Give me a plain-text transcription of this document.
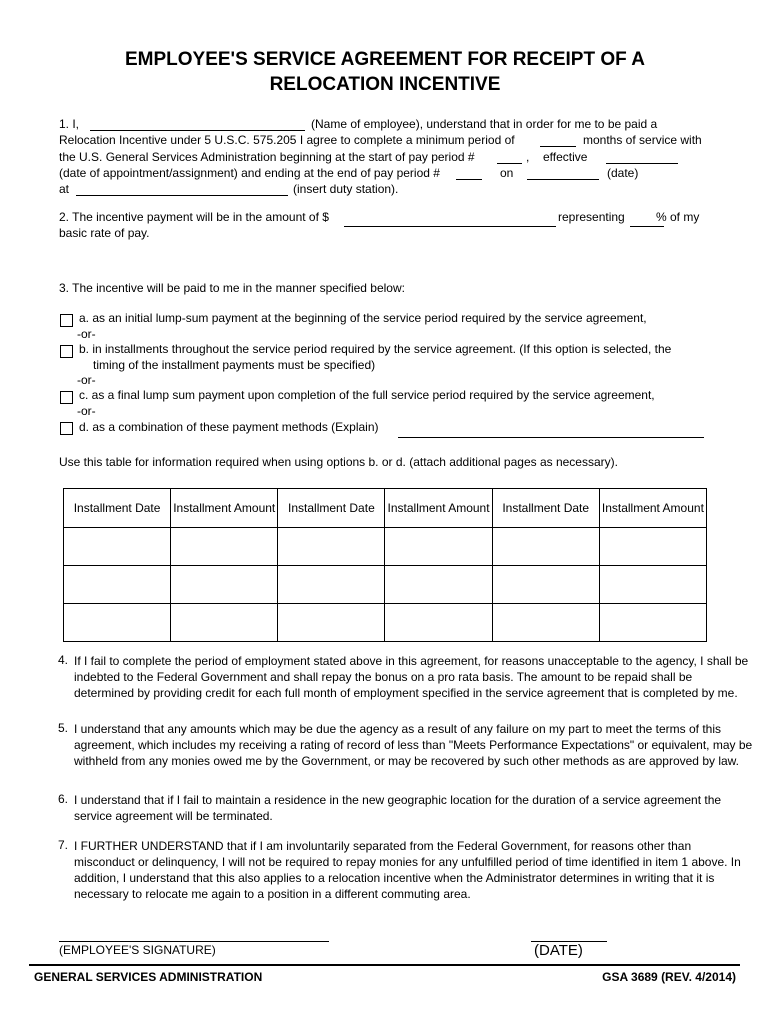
EMPLOYEE'S SERVICE AGREEMENT FOR RECEIPT OF A
RELOCATION INCENTIVE
1. I,	(Name of employee), understand that in order for me to be paid a
Relocation Incentive under 5 U.S.C. 575.205 I agree to complete a minimum period of	months of service with
the U.S. General Services Administration beginning at the start of pay period #	, effective
(date of appointment/assignment) and ending at the end of pay period #	on	(date)
at	(insert duty station).
2. The incentive payment will be in the amount of $	representing	% of my
basic rate of pay.
3. The incentive will be paid to me in the manner specified below:
a. as an initial lump-sum payment at the beginning of the service period required by the service agreement,
-or-
b. in installments throughout the service period required by the service agreement. (If this option is selected, the
timing of the installment payments must be specified)
-or-
c. as a final lump sum payment upon completion of the full service period required by the service agreement,
-or-
d. as a combination of these payment methods (Explain)
Use this table for information required when using options b. or d. (attach additional pages as necessary).
Installment Date	Installment Amount	Installment Date	Installment Amount	Installment Date	Installment Amount

4. If I fail to complete the period of employment stated above in this agreement, for reasons unacceptable to the agency, I shall be indebted to the Federal Government and shall repay the bonus on a pro rata basis. The amount to be repaid shall be determined by providing credit for each full month of employment specified in the service agreement that is completed by me.
5. I understand that any amounts which may be due the agency as a result of any failure on my part to meet the terms of this agreement, which includes my receiving a rating of record of less than "Meets Performance Expectations" or equivalent, may be withheld from any monies owed me by the Government, or may be recovered by such other methods as are approved by law.
6. I understand that if I fail to maintain a residence in the new geographic location for the duration of a service agreement the service agreement will be terminated.
7. I FURTHER UNDERSTAND that if I am involuntarily separated from the Federal Government, for reasons other than misconduct or delinquency, I will not be required to repay monies for any unfulfilled period of time identified in item 1 above. In addition, I understand that this also applies to a relocation incentive when the Administrator determines in writing that it is necessary to relocate me again to a position in a different commuting area.
(EMPLOYEE'S SIGNATURE)	(DATE)
GENERAL SERVICES ADMINISTRATION	GSA 3689 (REV. 4/2014)
